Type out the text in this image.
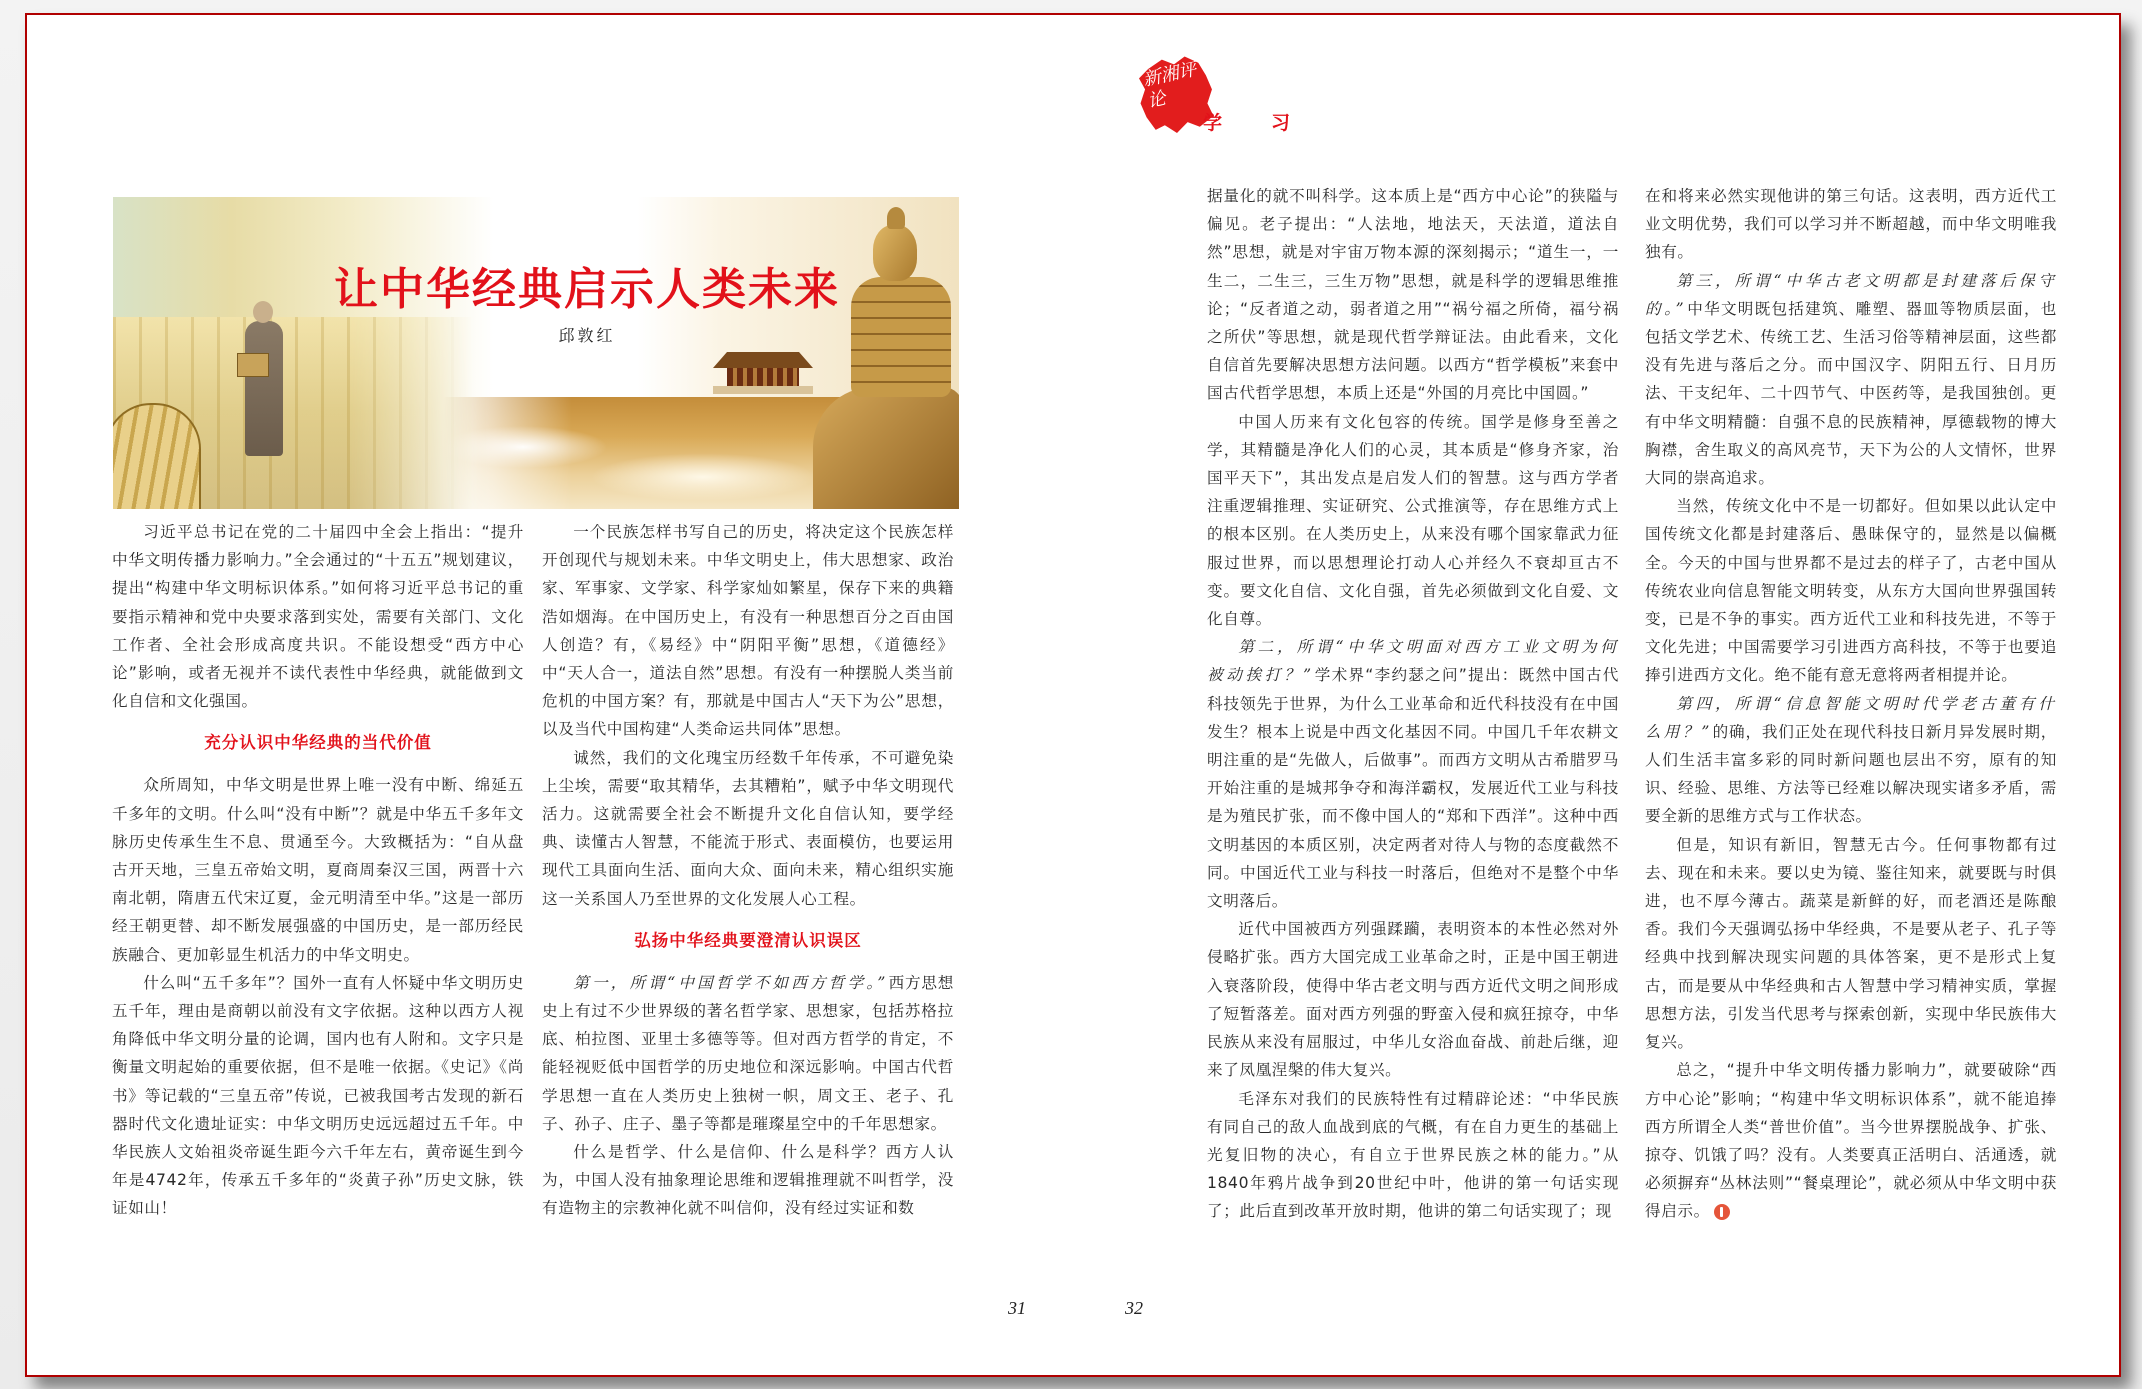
让中华经典启示人类未来
邱敦红

习近平总书记在党的二十届四中全会上指出：“提升中华文明传播力影响力。”全会通过的“十五五”规划建议，提出“构建中华文明标识体系。”如何将习近平总书记的重要指示精神和党中央要求落到实处，需要有关部门、文化工作者、全社会形成高度共识。不能设想受“西方中心论”影响，或者无视并不读代表性中华经典，就能做到文化自信和文化强国。

充分认识中华经典的当代价值

众所周知，中华文明是世界上唯一没有中断、绵延五千多年的文明。什么叫“没有中断”？就是中华五千多年文脉历史传承生生不息、贯通至今。大致概括为：“自从盘古开天地，三皇五帝始文明，夏商周秦汉三国，两晋十六南北朝，隋唐五代宋辽夏，金元明清至中华。”这是一部历经王朝更替、却不断发展强盛的中国历史，是一部历经民族融合、更加彰显生机活力的中华文明史。

什么叫“五千多年”？国外一直有人怀疑中华文明历史五千年，理由是商朝以前没有文字依据。这种以西方人视角降低中华文明分量的论调，国内也有人附和。文字只是衡量文明起始的重要依据，但不是唯一依据。《史记》《尚书》等记载的“三皇五帝”传说，已被我国考古发现的新石器时代文化遗址证实：中华文明历史远远超过五千年。中华民族人文始祖炎帝诞生距今六千年左右，黄帝诞生到今年是4742年，传承五千多年的“炎黄子孙”历史文脉，铁证如山！

一个民族怎样书写自己的历史，将决定这个民族怎样开创现代与规划未来。中华文明史上，伟大思想家、政治家、军事家、文学家、科学家灿如繁星，保存下来的典籍浩如烟海。在中国历史上，有没有一种思想百分之百由国人创造？有，《易经》中“阴阳平衡”思想，《道德经》中“天人合一，道法自然”思想。有没有一种摆脱人类当前危机的中国方案？有，那就是中国古人“天下为公”思想，以及当代中国构建“人类命运共同体”思想。

诚然，我们的文化瑰宝历经数千年传承，不可避免染上尘埃，需要“取其精华，去其糟粕”，赋予中华文明现代活力。这就需要全社会不断提升文化自信认知，要学经典、读懂古人智慧，不能流于形式、表面模仿，也要运用现代工具面向生活、面向大众、面向未来，精心组织实施这一关系国人乃至世界的文化发展人心工程。

弘扬中华经典要澄清认识误区

第一，所谓“中国哲学不如西方哲学。”西方思想史上有过不少世界级的著名哲学家、思想家，包括苏格拉底、柏拉图、亚里士多德等等。但对西方哲学的肯定，不能轻视贬低中国哲学的历史地位和深远影响。中国古代哲学思想一直在人类历史上独树一帜，周文王、老子、孔子、孙子、庄子、墨子等都是璀璨星空中的千年思想家。

什么是哲学、什么是信仰、什么是科学？西方人认为，中国人没有抽象理论思维和逻辑推理就不叫哲学，没有造物主的宗教神化就不叫信仰，没有经过实证和数

31
新湘评论
学	习

据量化的就不叫科学。这本质上是“西方中心论”的狭隘与偏见。老子提出：“人法地，地法天，天法道，道法自然”思想，就是对宇宙万物本源的深刻揭示；“道生一，一生二，二生三，三生万物”思想，就是科学的逻辑思维推论；“反者道之动，弱者道之用”“祸兮福之所倚，福兮祸之所伏”等思想，就是现代哲学辩证法。由此看来，文化自信首先要解决思想方法问题。以西方“哲学模板”来套中国古代哲学思想，本质上还是“外国的月亮比中国圆。”

中国人历来有文化包容的传统。国学是修身至善之学，其精髓是净化人们的心灵，其本质是“修身齐家，治国平天下”，其出发点是启发人们的智慧。这与西方学者注重逻辑推理、实证研究、公式推演等，存在思维方式上的根本区别。在人类历史上，从来没有哪个国家靠武力征服过世界，而以思想理论打动人心并经久不衰却亘古不变。要文化自信、文化自强，首先必须做到文化自爱、文化自尊。

第二，所谓“中华文明面对西方工业文明为何被动挨打？”学术界“李约瑟之问”提出：既然中国古代科技领先于世界，为什么工业革命和近代科技没有在中国发生？根本上说是中西文化基因不同。中国几千年农耕文明注重的是“先做人，后做事”。而西方文明从古希腊罗马开始注重的是城邦争夺和海洋霸权，发展近代工业与科技是为殖民扩张，而不像中国人的“郑和下西洋”。这种中西文明基因的本质区别，决定两者对待人与物的态度截然不同。中国近代工业与科技一时落后，但绝对不是整个中华文明落后。

近代中国被西方列强蹂躏，表明资本的本性必然对外侵略扩张。西方大国完成工业革命之时，正是中国王朝进入衰落阶段，使得中华古老文明与西方近代文明之间形成了短暂落差。面对西方列强的野蛮入侵和疯狂掠夺，中华民族从来没有屈服过，中华儿女浴血奋战、前赴后继，迎来了凤凰涅槃的伟大复兴。

毛泽东对我们的民族特性有过精辟论述：“中华民族有同自己的敌人血战到底的气概，有在自力更生的基础上光复旧物的决心，有自立于世界民族之林的能力。”从1840年鸦片战争到20世纪中叶，他讲的第一句话实现了；此后直到改革开放时期，他讲的第二句话实现了；现

在和将来必然实现他讲的第三句话。这表明，西方近代工业文明优势，我们可以学习并不断超越，而中华文明唯我独有。

第三，所谓“中华古老文明都是封建落后保守的。”中华文明既包括建筑、雕塑、器皿等物质层面，也包括文学艺术、传统工艺、生活习俗等精神层面，这些都没有先进与落后之分。而中国汉字、阴阳五行、日月历法、干支纪年、二十四节气、中医药等，是我国独创。更有中华文明精髓：自强不息的民族精神，厚德载物的博大胸襟，舍生取义的高风亮节，天下为公的人文情怀，世界大同的崇高追求。

当然，传统文化中不是一切都好。但如果以此认定中国传统文化都是封建落后、愚昧保守的，显然是以偏概全。今天的中国与世界都不是过去的样子了，古老中国从传统农业向信息智能文明转变，从东方大国向世界强国转变，已是不争的事实。西方近代工业和科技先进，不等于文化先进；中国需要学习引进西方高科技，不等于也要追捧引进西方文化。绝不能有意无意将两者相提并论。

第四，所谓“信息智能文明时代学老古董有什么用？”的确，我们正处在现代科技日新月异发展时期，人们生活丰富多彩的同时新问题也层出不穷，原有的知识、经验、思维、方法等已经难以解决现实诸多矛盾，需要全新的思维方式与工作状态。

但是，知识有新旧，智慧无古今。任何事物都有过去、现在和未来。要以史为镜、鉴往知来，就要既与时俱进，也不厚今薄古。蔬菜是新鲜的好，而老酒还是陈酿香。我们今天强调弘扬中华经典，不是要从老子、孔子等经典中找到解决现实问题的具体答案，更不是形式上复古，而是要从中华经典和古人智慧中学习精神实质，掌握思想方法，引发当代思考与探索创新，实现中华民族伟大复兴。

总之，“提升中华文明传播力影响力”，就要破除“西方中心论”影响；“构建中华文明标识体系”，就不能追捧西方所谓全人类“普世价值”。当今世界摆脱战争、扩张、掠夺、饥饿了吗？没有。人类要真正活明白、活通透，就必须摒弃“丛林法则”“餐桌理论”，就必须从中华文明中获得启示。

32
